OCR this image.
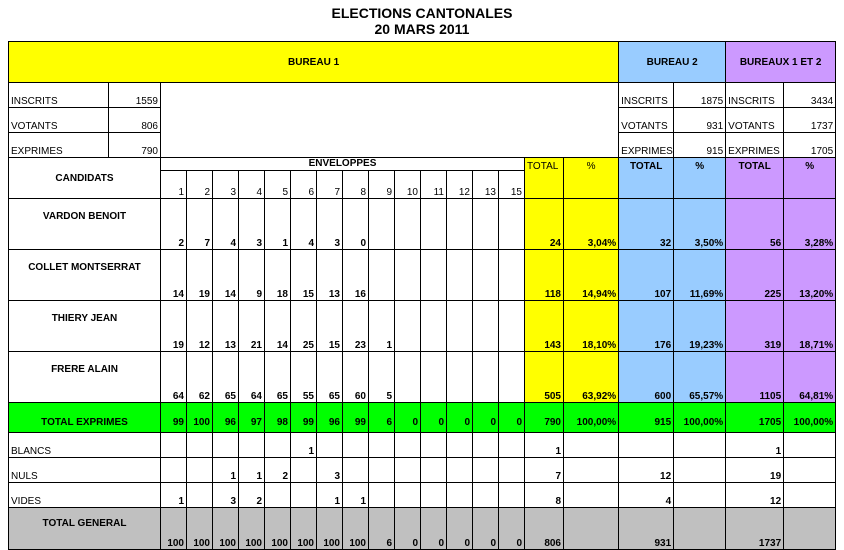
ELECTIONS CANTONALES
20 MARS 2011
BUREAU 1																		BUREAU 2		BUREAUX 1 ET 2	
INSCRITS	1559																	INSCRITS	1875	INSCRITS	3434
VOTANTS	806																	VOTANTS	931	VOTANTS	1737
EXPRIMES	790																	EXPRIMES	915	EXPRIMES	1705
CANDIDATS		ENVELOPPES														TOTAL	%	TOTAL	%	TOTAL	%
		1	2	3	4	5	6	7	8	9	10	11	12	13	15						
VARDON BENOIT		2	7	4	3	1	4	3	0							24	3,04%	32	3,50%	56	3,28%
COLLET MONTSERRAT		14	19	14	9	18	15	13	16							118	14,94%	107	11,69%	225	13,20%
THIERY JEAN		19	12	13	21	14	25	15	23	1						143	18,10%	176	19,23%	319	18,71%
FRERE ALAIN		64	62	65	64	65	55	65	60	5						505	63,92%	600	65,57%	1105	64,81%
TOTAL EXPRIMES		99	100	96	97	98	99	96	99	6	0	0	0	0	0	790	100,00%	915	100,00%	1705	100,00%
BLANCS							1									1				1	
NULS				1	1	2		3								7		12		19	
VIDES		1		3	2			1	1							8		4		12	
TOTAL GENERAL		100	100	100	100	100	100	100	100	6	0	0	0	0	0	806		931		1737	
